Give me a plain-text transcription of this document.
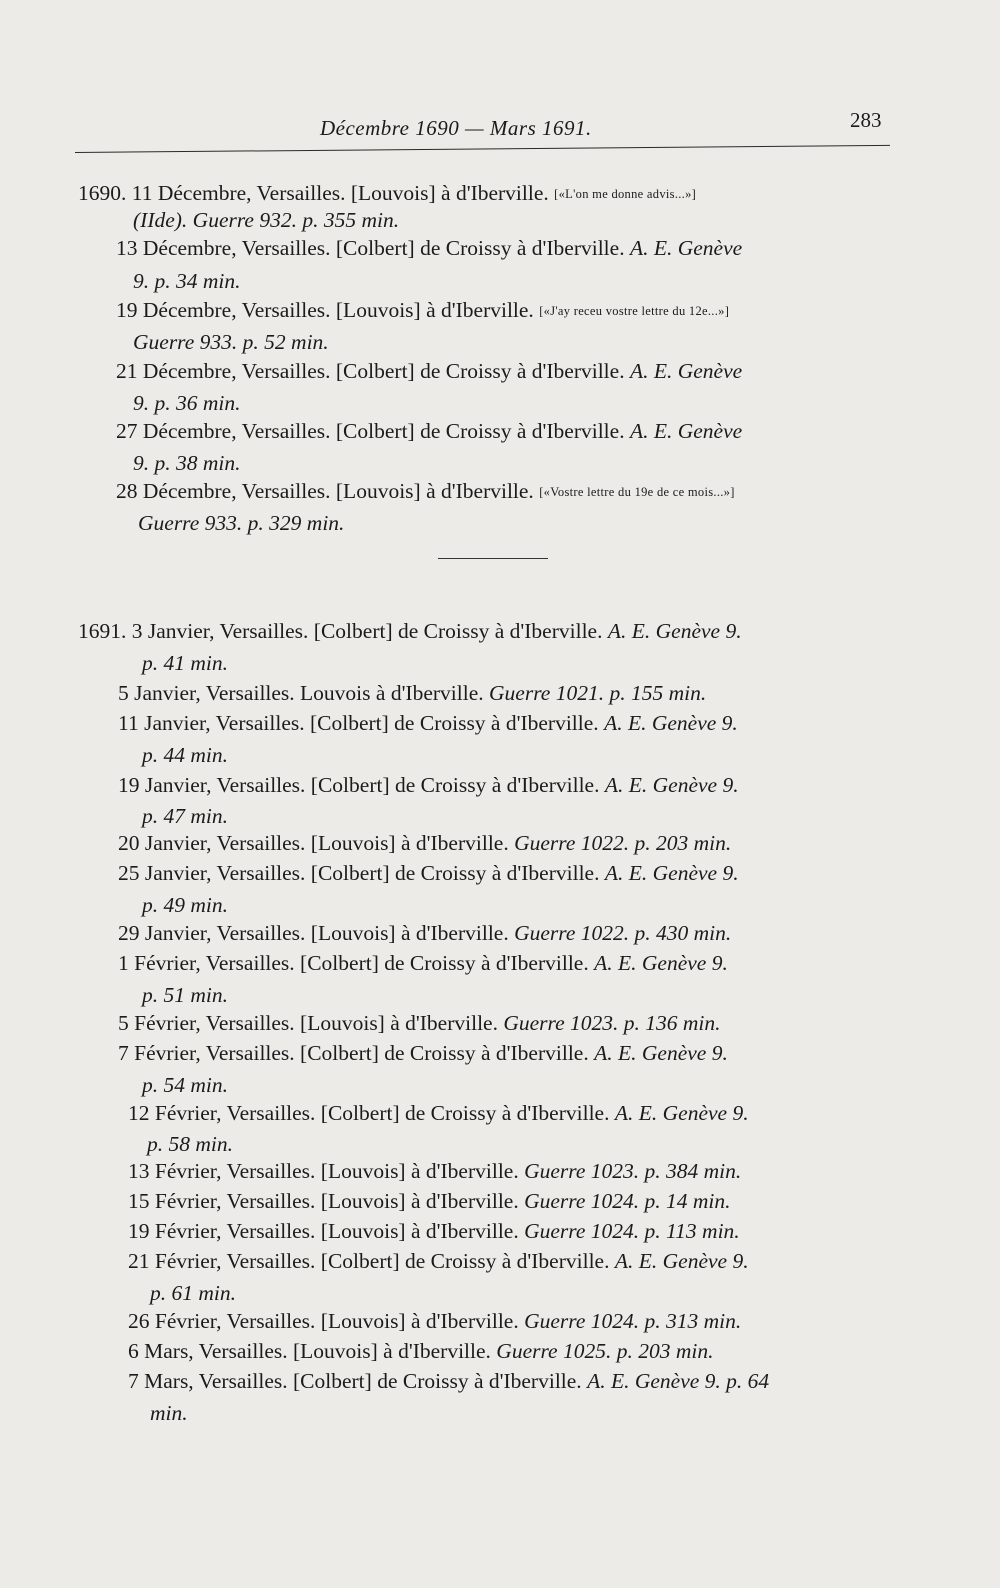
Décembre 1690 — Mars 1691.	283
1690. 11 Décembre, Versailles. [Louvois] à d'Iberville. [«L'on me donne advis...»]
(IIde). Guerre 932. p. 355 min.
13 Décembre, Versailles. [Colbert] de Croissy à d'Iberville. A. E. Genève
9. p. 34 min.
19 Décembre, Versailles. [Louvois] à d'Iberville. [«J'ay receu vostre lettre du 12e...»]
Guerre 933. p. 52 min.
21 Décembre, Versailles. [Colbert] de Croissy à d'Iberville. A. E. Genève
9. p. 36 min.
27 Décembre, Versailles. [Colbert] de Croissy à d'Iberville. A. E. Genève
9. p. 38 min.
28 Décembre, Versailles. [Louvois] à d'Iberville. [«Vostre lettre du 19e de ce mois...»]
Guerre 933. p. 329 min.
1691. 3 Janvier, Versailles. [Colbert] de Croissy à d'Iberville. A. E. Genève 9.
p. 41 min.
5 Janvier, Versailles. Louvois à d'Iberville. Guerre 1021. p. 155 min.
11 Janvier, Versailles. [Colbert] de Croissy à d'Iberville. A. E. Genève 9.
p. 44 min.
19 Janvier, Versailles. [Colbert] de Croissy à d'Iberville. A. E. Genève 9.
p. 47 min.
20 Janvier, Versailles. [Louvois] à d'Iberville. Guerre 1022. p. 203 min.
25 Janvier, Versailles. [Colbert] de Croissy à d'Iberville. A. E. Genève 9.
p. 49 min.
29 Janvier, Versailles. [Louvois] à d'Iberville. Guerre 1022. p. 430 min.
1 Février, Versailles. [Colbert] de Croissy à d'Iberville. A. E. Genève 9.
p. 51 min.
5 Février, Versailles. [Louvois] à d'Iberville. Guerre 1023. p. 136 min.
7 Février, Versailles. [Colbert] de Croissy à d'Iberville. A. E. Genève 9.
p. 54 min.
12 Février, Versailles. [Colbert] de Croissy à d'Iberville. A. E. Genève 9.
p. 58 min.
13 Février, Versailles. [Louvois] à d'Iberville. Guerre 1023. p. 384 min.
15 Février, Versailles. [Louvois] à d'Iberville. Guerre 1024. p. 14 min.
19 Février, Versailles. [Louvois] à d'Iberville. Guerre 1024. p. 113 min.
21 Février, Versailles. [Colbert] de Croissy à d'Iberville. A. E. Genève 9.
p. 61 min.
26 Février, Versailles. [Louvois] à d'Iberville. Guerre 1024. p. 313 min.
6 Mars, Versailles. [Louvois] à d'Iberville. Guerre 1025. p. 203 min.
7 Mars, Versailles. [Colbert] de Croissy à d'Iberville. A. E. Genève 9. p. 64
min.
